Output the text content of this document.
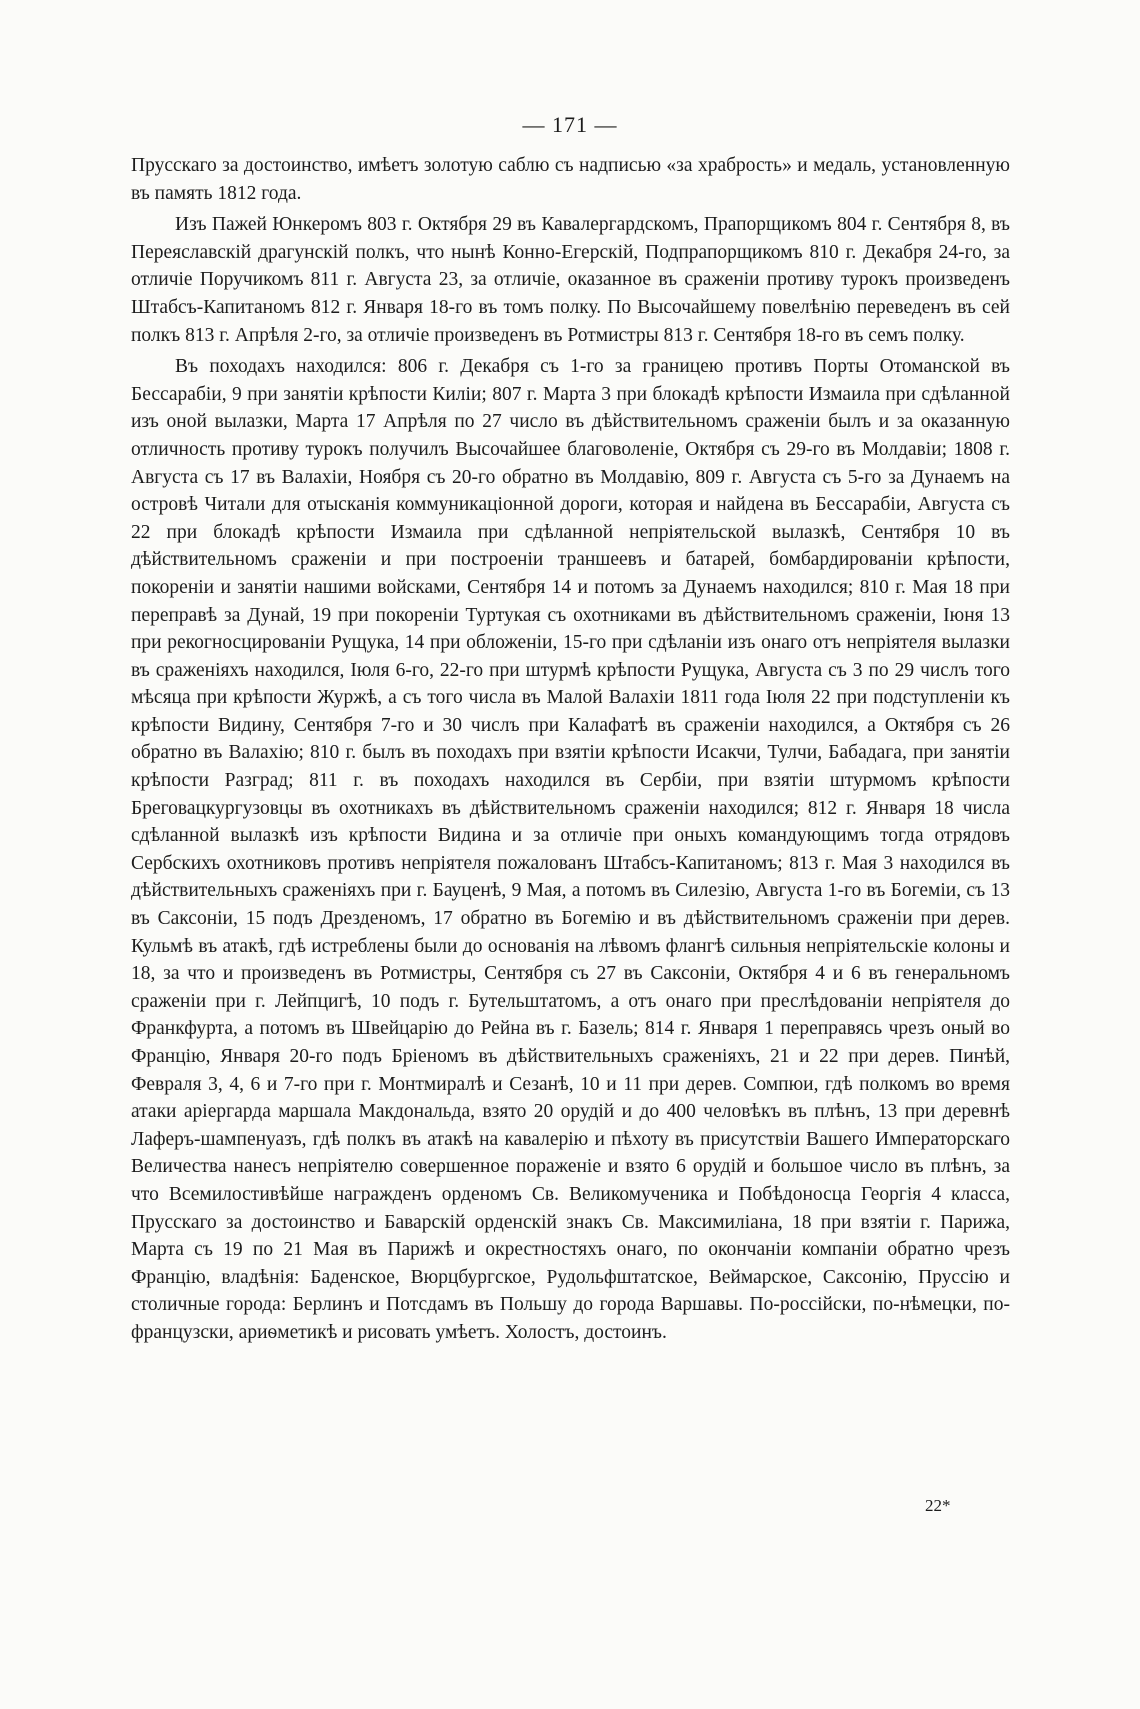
— 171 —

Прусскаго за достоинство, имѣетъ золотую саблю съ надписью «за храбрость» и медаль, установленную въ память 1812 года.

Изъ Пажей Юнкеромъ 803 г. Октября 29 въ Кавалергардскомъ, Прапорщикомъ 804 г. Сентября 8, въ Переяславскій драгунскій полкъ, что нынѣ Конно-Егерскій, Подпрапорщикомъ 810 г. Декабря 24-го, за отличіе Поручикомъ 811 г. Августа 23, за отличіе, оказанное въ сраженіи противу турокъ произведенъ Штабсъ-Капитаномъ 812 г. Января 18-го въ томъ полку. По Высочайшему повелѣнію переведенъ въ сей полкъ 813 г. Апрѣля 2-го, за отличіе произведенъ въ Ротмистры 813 г. Сентября 18-го въ семъ полку.

Въ походахъ находился: 806 г. Декабря съ 1-го за границею противъ Порты Отоманской въ Бессарабіи, 9 при занятіи крѣпости Киліи; 807 г. Марта 3 при блокадѣ крѣпости Измаила при сдѣланной изъ оной вылазки, Марта 17 Апрѣля по 27 число въ дѣйствительномъ сраженіи былъ и за оказанную отличность противу турокъ получилъ Высочайшее благоволеніе, Октября съ 29-го въ Молдавіи; 1808 г. Августа съ 17 въ Валахіи, Ноября съ 20-го обратно въ Молдавію, 809 г. Августа съ 5-го за Дунаемъ на островѣ Читали для отысканія коммуникаціонной дороги, которая и найдена въ Бессарабіи, Августа съ 22 при блокадѣ крѣпости Измаила при сдѣланной непріятельской вылазкѣ, Сентября 10 въ дѣйствительномъ сраженіи и при построеніи траншеевъ и батарей, бомбардированіи крѣпости, покореніи и занятіи нашими войсками, Сентября 14 и потомъ за Дунаемъ находился; 810 г. Мая 18 при переправѣ за Дунай, 19 при покореніи Туртукая съ охотниками въ дѣйствительномъ сраженіи, Іюня 13 при рекогносцированіи Рущука, 14 при обложеніи, 15-го при сдѣланіи изъ онаго отъ непріятеля вылазки въ сраженіяхъ находился, Іюля 6-го, 22-го при штурмѣ крѣпости Рущука, Августа съ 3 по 29 числъ того мѣсяца при крѣпости Журжѣ, а съ того числа въ Малой Валахіи 1811 года Іюля 22 при подступленіи къ крѣпости Видину, Сентября 7-го и 30 числъ при Калафатѣ въ сраженіи находился, а Октября съ 26 обратно въ Валахію; 810 г. былъ въ походахъ при взятіи крѣпости Исакчи, Тулчи, Бабадага, при занятіи крѣпости Разград; 811 г. въ походахъ находился въ Сербіи, при взятіи штурмомъ крѣпости Бреговацкургузовцы въ охотникахъ въ дѣйствительномъ сраженіи находился; 812 г. Января 18 числа сдѣланной вылазкѣ изъ крѣпости Видина и за отличіе при оныхъ командующимъ тогда отрядовъ Сербскихъ охотниковъ противъ непріятеля пожалованъ Штабсъ-Капитаномъ; 813 г. Мая 3 находился въ дѣйствительныхъ сраженіяхъ при г. Бауценѣ, 9 Мая, а потомъ въ Силезію, Августа 1-го въ Богеміи, съ 13 въ Саксоніи, 15 подъ Дрезденомъ, 17 обратно въ Богемію и въ дѣйствительномъ сраженіи при дерев. Кульмѣ въ атакѣ, гдѣ истреблены были до основанія на лѣвомъ флангѣ сильныя непріятельскіе колоны и 18, за что и произведенъ въ Ротмистры, Сентября съ 27 въ Саксоніи, Октября 4 и 6 въ генеральномъ сраженіи при г. Лейпцигѣ, 10 подъ г. Бутельштатомъ, а отъ онаго при преслѣдованіи непріятеля до Франкфурта, а потомъ въ Швейцарію до Рейна въ г. Базель; 814 г. Января 1 переправясь чрезъ оный во Францію, Января 20-го подъ Бріеномъ въ дѣйствительныхъ сраженіяхъ, 21 и 22 при дерев. Пинѣй, Февраля 3, 4, 6 и 7-го при г. Монтмиралѣ и Сезанѣ, 10 и 11 при дерев. Сомпюи, гдѣ полкомъ во время атаки аріергарда маршала Макдональда, взято 20 орудій и до 400 человѣкъ въ плѣнъ, 13 при деревнѣ Лаферъ-шампенуазъ, гдѣ полкъ въ атакѣ на кавалерію и пѣхоту въ присутствіи Вашего Императорскаго Величества нанесъ непріятелю совершенное пораженіе и взято 6 орудій и большое число въ плѣнъ, за что Всемилостивѣйше награжденъ орденомъ Св. Великомученика и Побѣдоносца Георгія 4 класса, Прусскаго за достоинство и Баварскій орденскій знакъ Св. Максимиліана, 18 при взятіи г. Парижа, Марта съ 19 по 21 Мая въ Парижѣ и окрестностяхъ онаго, по окончаніи компаніи обратно чрезъ Францію, владѣнія: Баденское, Вюрцбургское, Рудольфштатское, Веймарское, Саксонію, Пруссію и столичные города: Берлинъ и Потсдамъ въ Польшу до города Варшавы. По-россійски, по-нѣмецки, по-французски, ариѳметикѣ и рисовать умѣетъ. Холостъ, достоинъ.

22*
